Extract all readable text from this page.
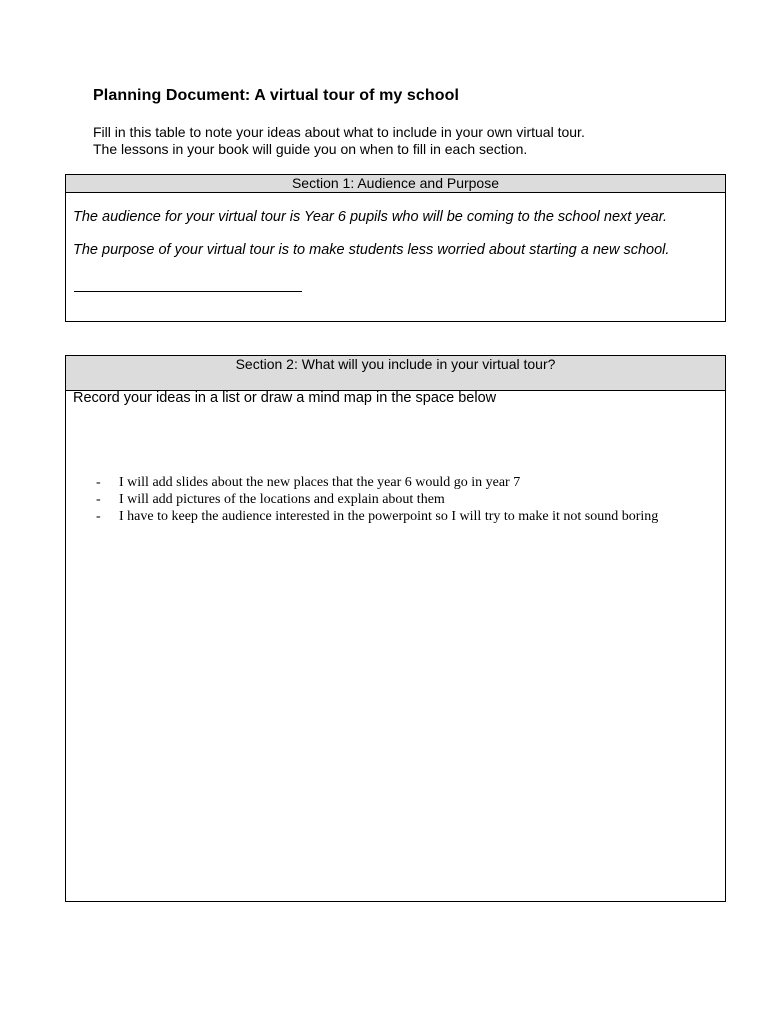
Planning Document: A virtual tour of my school
Fill in this table to note your ideas about what to include in your own virtual tour.
The lessons in your book will guide you on when to fill in each section.
Section 1: Audience and Purpose
The audience for your virtual tour is Year 6 pupils who will be coming to the school next year.
The purpose of your virtual tour is to make students less worried about starting a new school.
Section 2: What will you include in your virtual tour?
Record your ideas in a list or draw a mind map in the space below
- I will add slides about the new places that the year 6 would go in year 7
- I will add pictures of the locations and explain about them
- I have to keep the audience interested in the powerpoint so I will try to make it not sound boring
